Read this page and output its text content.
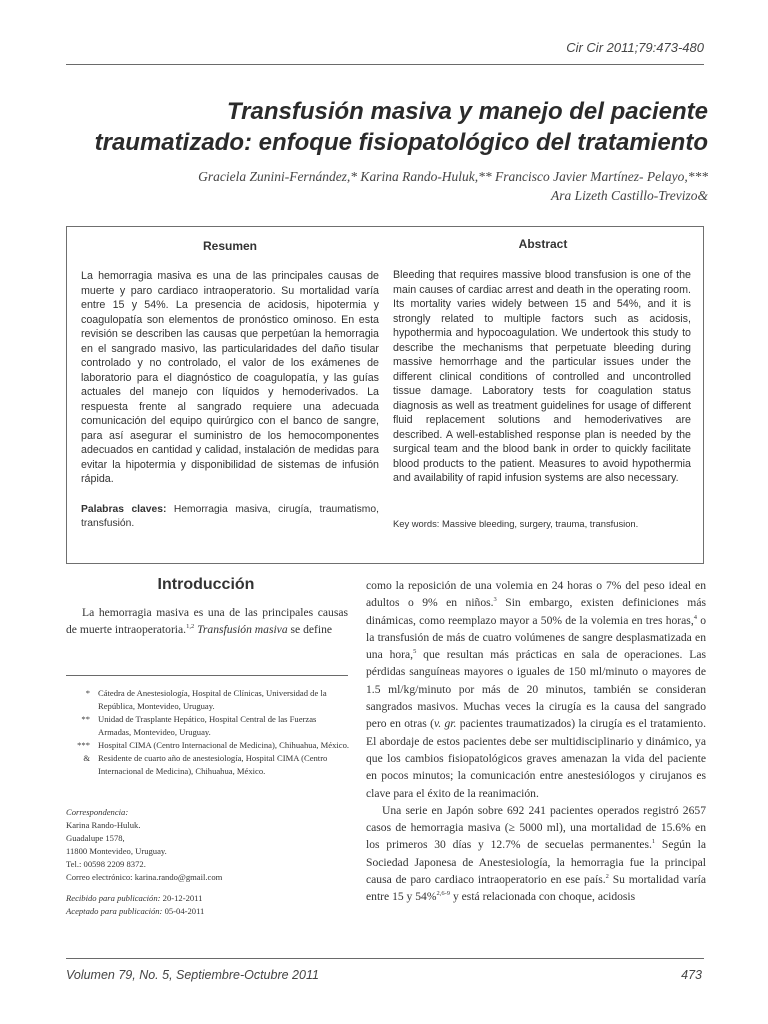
Cir Cir 2011;79:473-480
Transfusión masiva y manejo del paciente traumatizado: enfoque fisiopatológico del tratamiento

Graciela Zunini-Fernández,* Karina Rando-Huluk,** Francisco Javier Martínez- Pelayo,***

Ara Lizeth Castillo-Trevizo&

Resumen

La hemorragia masiva es una de las principales causas de muerte y paro cardiaco intraoperatorio. Su mortalidad varía entre 15 y 54%. La presencia de acidosis, hipotermia y coagulopatía son elementos de pronóstico ominoso. En esta revisión se describen las causas que perpetúan la hemorragia en el sangrado masivo, las particularidades del daño tisular controlado y no controlado, el valor de los exámenes de laboratorio para el diagnóstico de coagulopatía, y las guías actuales del manejo con líquidos y hemoderivados. La respuesta frente al sangrado requiere una adecuada comunicación del equipo quirúrgico con el banco de sangre, para así asegurar el suministro de los hemocomponentes adecuados en cantidad y calidad, instalación de medidas para evitar la hipotermia y disponibilidad de sistemas de infusión rápida.

Palabras claves: Hemorragia masiva, cirugía, traumatismo, transfusión.
Abstract

Bleeding that requires massive blood transfusion is one of the main causes of cardiac arrest and death in the operating room. Its mortality varies widely between 15 and 54%, and it is strongly related to multiple factors such as acidosis, hypothermia and hypocoagulation. We undertook this study to describe the mechanisms that perpetuate bleeding during massive hemorrhage and the particular issues under the different clinical conditions of controlled and uncontrolled tissue damage. Laboratory tests for coagulation status diagnosis as well as treatment guidelines for usage of different fluid replacement solutions and hemoderivatives are described. A well-established response plan is needed by the surgical team and the blood bank in order to quickly facilitate blood products to the patient. Measures to avoid hypothermia and availability of rapid infusion systems are also necessary.

Key words: Massive bleeding, surgery, trauma, transfusion.
Introducción

La hemorragia masiva es una de las principales causas de muerte intraoperatoria.$^{1,2}$ Transfusión masiva se define

* Cátedra de Anestesiología, Hospital de Clínicas, Universidad de la República, Montevideo, Uruguay.
** Unidad de Trasplante Hepático, Hospital Central de las Fuerzas Armadas, Montevideo, Uruguay.
*** Hospital CIMA (Centro Internacional de Medicina), Chihuahua, México.
& Residente de cuarto año de anestesiología, Hospital CIMA (Centro Internacional de Medicina), Chihuahua, México.

Correspondencia:

Karina Rando-Huluk.

Guadalupe 1578,

11800 Montevideo, Uruguay.

Tel.: 00598 2209 8372.

Correo electrónico: karina.rando@gmail.com

Recibido para publicación: 20-12-2011

Aceptado para publicación: 05-04-2011

como la reposición de una volemia en 24 horas o 7% del peso ideal en adultos o 9% en niños.$^3$ Sin embargo, existen definiciones más dinámicas, como reemplazo mayor a 50% de la volemia en tres horas,$^4$ o la transfusión de más de cuatro volúmenes de sangre desplasmatizada en una hora,$^5$ que resultan más prácticas en sala de operaciones. Las pérdidas sanguíneas mayores o iguales de 150 ml/minuto o mayores de 1.5 ml/kg/minuto por más de 20 minutos, también se consideran sangrados masivos. Muchas veces la cirugía es la causa del sangrado pero en otras (v. gr. pacientes traumatizados) la cirugía es el tratamiento. El abordaje de estos pacientes debe ser multidisciplinario y dinámico, ya que los cambios fisiopatológicos graves amenazan la vida del paciente en pocos minutos; la comunicación entre anestesiólogos y cirujanos es clave para el éxito de la reanimación.

Una serie en Japón sobre 692 241 pacientes operados registró 2657 casos de hemorragia masiva (≥ 5000 ml), una mortalidad de 15.6% en los primeros 30 días y 12.7% de secuelas permanentes.$^1$ Según la Sociedad Japonesa de Anestesiología, la hemorragia fue la principal causa de paro cardiaco intraoperatorio en ese país.$^2$ Su mortalidad varía entre 15 y 54%$^{2,6-9}$ y está relacionada con choque, acidosis

Volumen 79, No. 5, Septiembre-Octubre 2011	473
